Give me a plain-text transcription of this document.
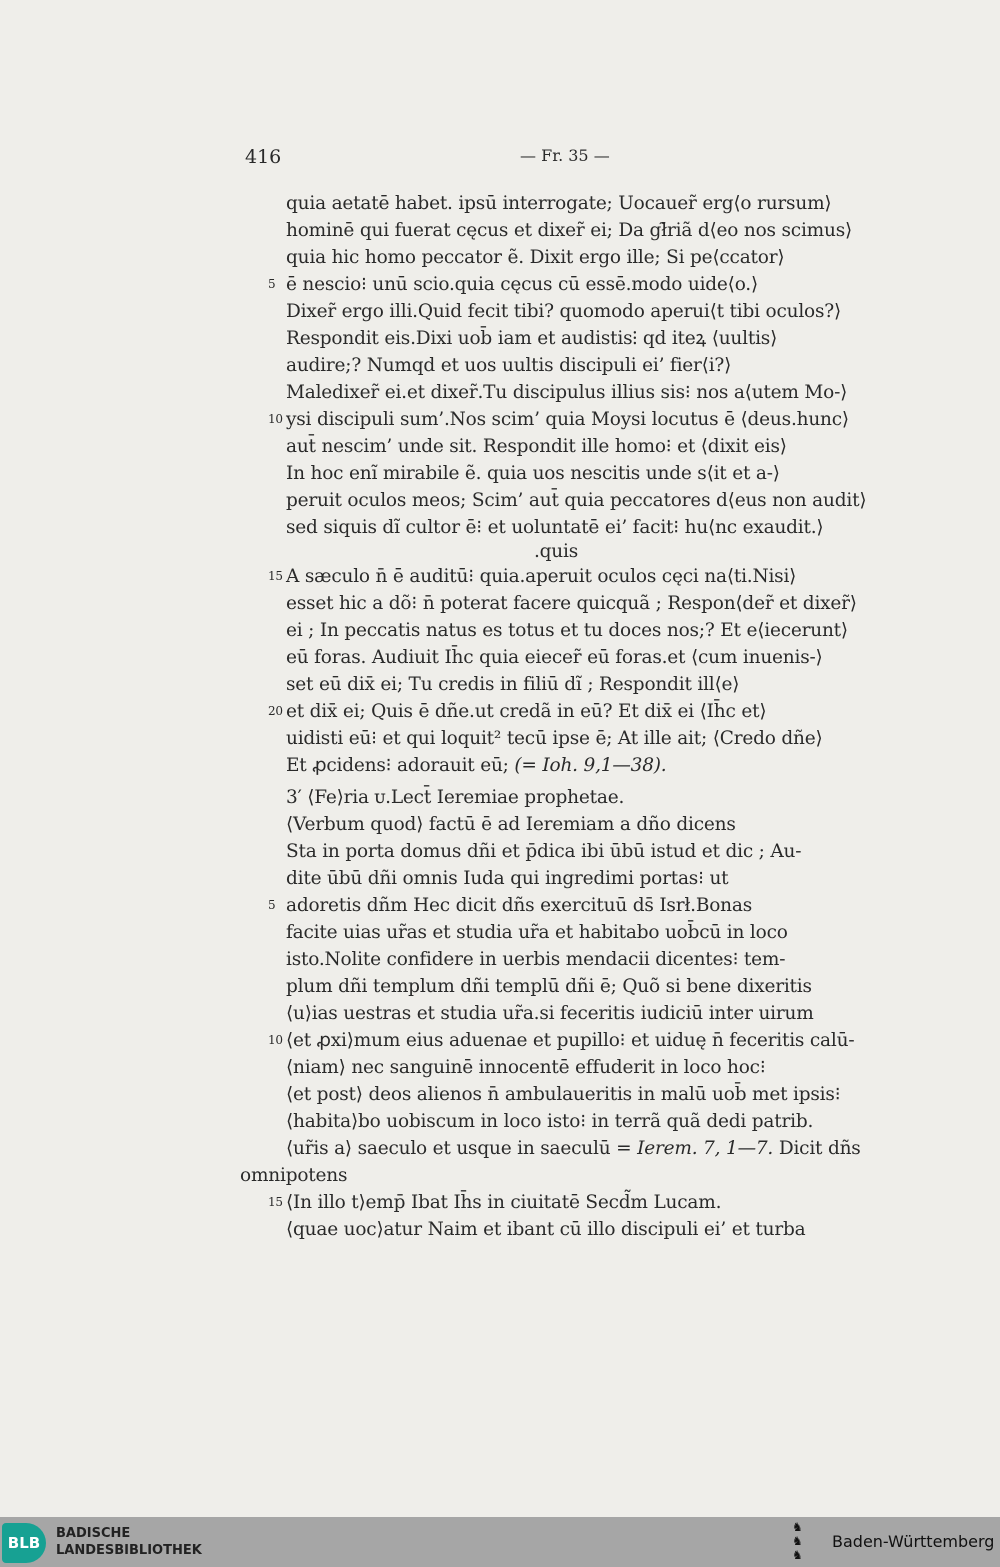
416	— Fr. 35 —
quia aetatē habet. ipsū interrogate; Uocauer̃ erg⟨o rursum⟩
hominē qui fuerat cęcus et dixer̃ ei; Da gł̃riã d⟨eo nos scimus⟩
quia hic homo peccator ẽ. Dixit ergo ille; Si pe⟨ccator⟩
5 ē nescio⁝ unū scio.quia cęcus cū essē.modo uide⟨o.⟩
Dixer̃ ergo illi.Quid fecit tibi? quomodo aperui⟨t tibi oculos?⟩
Respondit eis.Dixi uob̄ iam et audistis⁝ qd iteꝝ ⟨uultis⟩
audire;? Numqd et uos uultis discipuli ei’ fier⟨i?⟩
Maledixer̃ ei.et dixer̃.Tu discipulus illius sis⁝ nos a⟨utem Mo-⟩
10 ysi discipuli sum’.Nos scim’ quia Moysi locutus ē ⟨deus.hunc⟩
aut̄ nescim’ unde sit. Respondit ille homo⁝ et ⟨dixit eis⟩
In hoc enĩ mirabile ẽ. quia uos nescitis unde s⟨it et a-⟩
peruit oculos meos; Scim’ aut̄ quia peccatores d⟨eus non audit⟩
sed siquis dĩ cultor ē⁝ et uoluntatē ei’ facit⁝ hu⟨nc exaudit.⟩
.quis
15 A sæculo n̄ ē auditū⁝ quia.aperuit oculos cęci na⟨ti.Nisi⟩
esset hic a dõ⁝ n̄ poterat facere quicquã ; Respon⟨der̃ et dixer̃⟩
ei ; In peccatis natus es totus et tu doces nos;? Et e⟨iecerunt⟩
eū foras. Audiuit Ih̄c quia eiecer̃ eū foras.et ⟨cum inuenis-⟩
set eū dix̄ ei; Tu credis in filiū dĩ ; Respondit ill⟨e⟩
20 et dix̄ ei; Quis ē dñe.ut credã in eū? Et dix̄ ei ⟨Ih̄c et⟩
uidisti eū⁝ et qui loquit² tecū ipse ē; At ille ait; ⟨Credo dñe⟩
Et ꝓcidens⁝ adorauit eū; (= Ioh. 9,1—38).
3′ ⟨Fe⟩ria ᴜ.Lect̄ Ieremiae prophetae.
⟨Verbum quod⟩ factū ē ad Ieremiam a dño dicens
Sta in porta domus dñi et p̄dica ibi ūbū istud et dic ; Au-
dite ūbū dñi omnis Iuda qui ingredimi portas⁝ ut
5 adoretis dñm Hec dicit dñs exercituū ds̄ Isrł.Bonas
facite uias ur̃as et studia ur̃a et habitabo uob̄cū in loco
isto.Nolite confidere in uerbis mendacii dicentes⁝ tem-
plum dñi templum dñi templū dñi ē; Quõ si bene dixeritis
⟨u⟩ias uestras et studia ur̃a.si feceritis iudiciū inter uirum
10 ⟨et ꝓxi⟩mum eius aduenae et pupillo⁝ et uiduę n̄ feceritis calū-
⟨niam⟩ nec sanguinē innocentē effuderit in loco hoc⁝
⟨et post⟩ deos alienos n̄ ambulaueritis in malū uob̄ met ipsis⁝
⟨habita⟩bo uobiscum in loco isto⁝ in terrã quã dedi patrib.
⟨ur̃is a⟩ saeculo et usque in saeculū = Ierem. 7, 1—7. Dicit dñs
omnipotens
15 ⟨In illo t⟩emp̄ Ibat Ih̄s in ciuitatē Secd̃m Lucam.
⟨quae uoc⟩atur Naim et ibant cū illo discipuli ei’ et turba
BLB
BADISCHE
LANDESBIBLIOTHEK
♞
♞
♞
Baden-Württemberg
